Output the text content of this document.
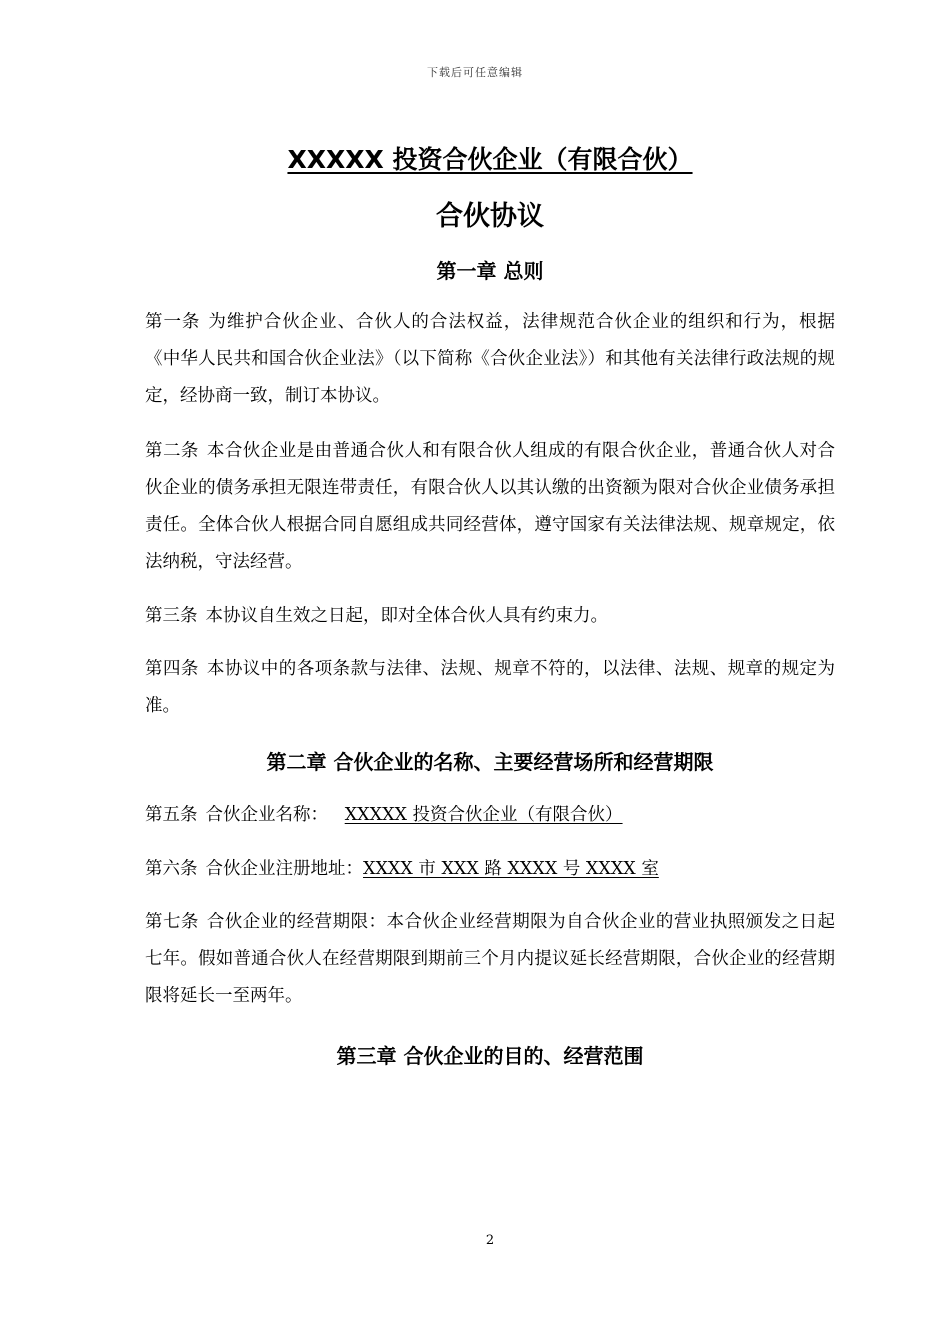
下载后可任意编辑
XXXXX 投资合伙企业（有限合伙）
合伙协议
第一章 总则
第一条 为维护合伙企业、合伙人的合法权益，法律规范合伙企业的组织和行为，根据《中华人民共和国合伙企业法》（以下简称《合伙企业法》）和其他有关法律行政法规的规定，经协商一致，制订本协议。
第二条 本合伙企业是由普通合伙人和有限合伙人组成的有限合伙企业，普通合伙人对合伙企业的债务承担无限连带责任，有限合伙人以其认缴的出资额为限对合伙企业债务承担责任。全体合伙人根据合同自愿组成共同经营体，遵守国家有关法律法规、规章规定，依法纳税，守法经营。
第三条 本协议自生效之日起，即对全体合伙人具有约束力。
第四条 本协议中的各项条款与法律、法规、规章不符的，以法律、法规、规章的规定为准。
第二章 合伙企业的名称、主要经营场所和经营期限
第五条 合伙企业名称： XXXXX 投资合伙企业（有限合伙）
第六条 合伙企业注册地址：XXXX 市 XXX 路 XXXX 号 XXXX 室
第七条 合伙企业的经营期限：本合伙企业经营期限为自合伙企业的营业执照颁发之日起七年。假如普通合伙人在经营期限到期前三个月内提议延长经营期限，合伙企业的经营期限将延长一至两年。
第三章 合伙企业的目的、经营范围
2
